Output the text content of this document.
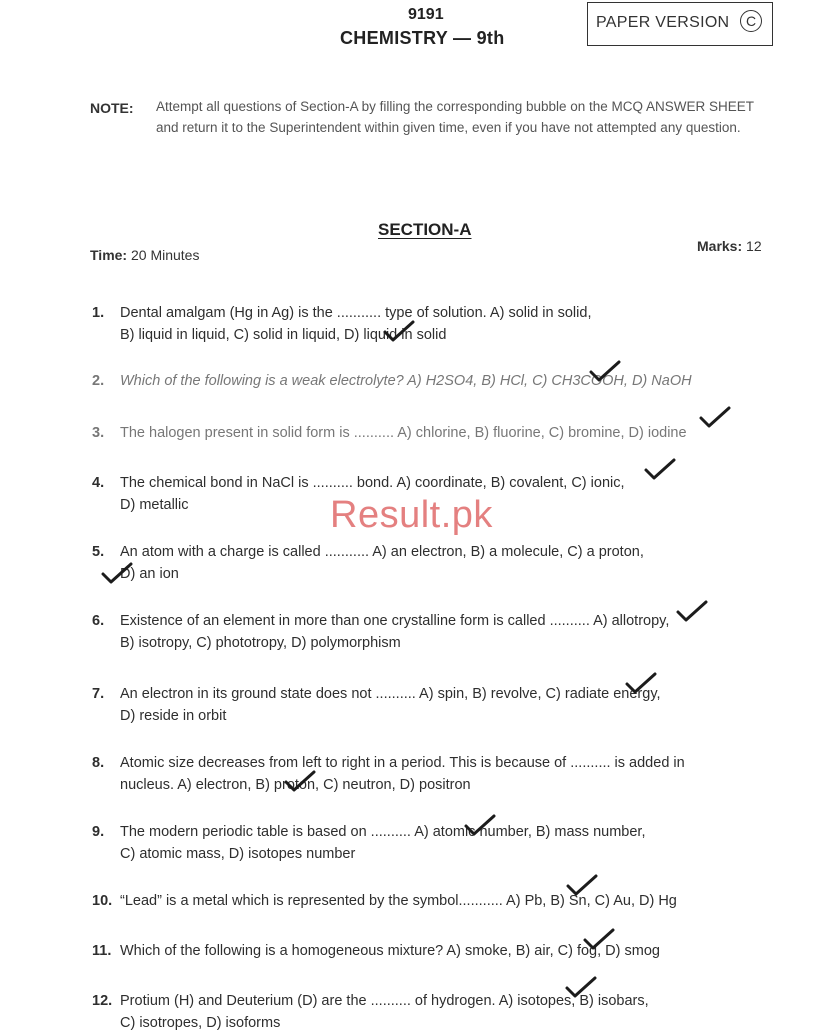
9191
CHEMISTRY — 9th
PAPER VERSION	C
NOTE: Attempt all questions of Section-A by filling the corresponding bubble on the MCQ ANSWER SHEET and return it to the Superintendent within given time, even if you have not attempted any question.
SECTION-A
Time: 20 Minutes
Marks: 12
1. Dental amalgam (Hg in Ag) is the ........... type of solution. A) solid in solid,
B) liquid in liquid, C) solid in liquid, D) liquid in solid
2. Which of the following is a weak electrolyte? A) H2SO4, B) HCl, C) CH3COOH, D) NaOH
3. The halogen present in solid form is .......... A) chlorine, B) fluorine, C) bromine, D) iodine
4. The chemical bond in NaCl is .......... bond. A) coordinate, B) covalent, C) ionic,
D) metallic
5. An atom with a charge is called ........... A) an electron, B) a molecule, C) a proton,
D) an ion
6. Existence of an element in more than one crystalline form is called .......... A) allotropy,
B) isotropy, C) phototropy, D) polymorphism
7. An electron in its ground state does not .......... A) spin, B) revolve, C) radiate energy,
D) reside in orbit
8. Atomic size decreases from left to right in a period. This is because of .......... is added in
nucleus. A) electron, B) proton, C) neutron, D) positron
9. The modern periodic table is based on .......... A) atomic number, B) mass number,
C) atomic mass, D) isotopes number
10. “Lead” is a metal which is represented by the symbol........... A) Pb, B) Sn, C) Au, D) Hg
11. Which of the following is a homogeneous mixture? A) smoke, B) air, C) fog, D) smog
12. Protium (H) and Deuterium (D) are the .......... of hydrogen. A) isotopes, B) isobars,
C) isotropes, D) isoforms
Result.pk
